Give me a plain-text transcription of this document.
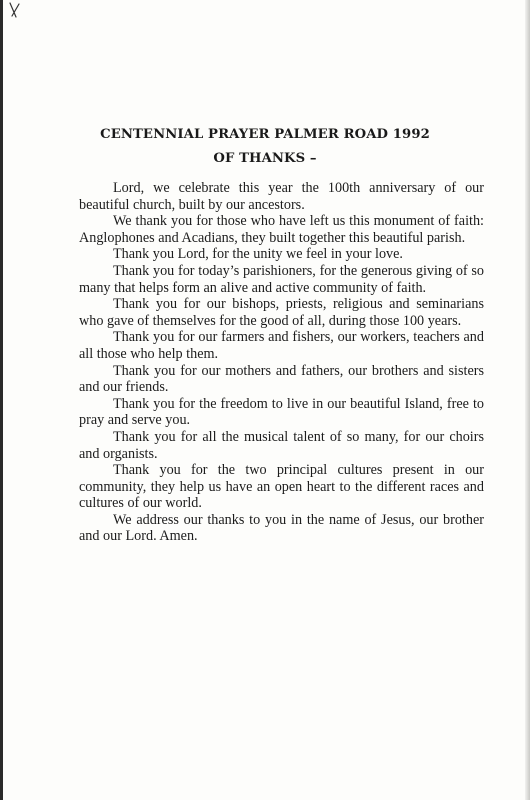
CENTENNIAL PRAYER PALMER ROAD 1992
OF THANKS –

Lord, we celebrate this year the 100th anniversary of our beautiful church, built by our ancestors.

We thank you for those who have left us this monument of faith: Anglophones and Acadians, they built together this beautiful parish.

Thank you Lord, for the unity we feel in your love.

Thank you for today’s parishioners, for the generous giving of so many that helps form an alive and active community of faith.

Thank you for our bishops, priests, religious and seminarians who gave of themselves for the good of all, during those 100 years.

Thank you for our farmers and fishers, our workers, teachers and all those who help them.

Thank you for our mothers and fathers, our brothers and sisters and our friends.

Thank you for the freedom to live in our beautiful Island, free to pray and serve you.

Thank you for all the musical talent of so many, for our choirs and organists.

Thank you for the two principal cultures present in our community, they help us have an open heart to the different races and cultures of our world.

We address our thanks to you in the name of Jesus, our brother and our Lord. Amen.
